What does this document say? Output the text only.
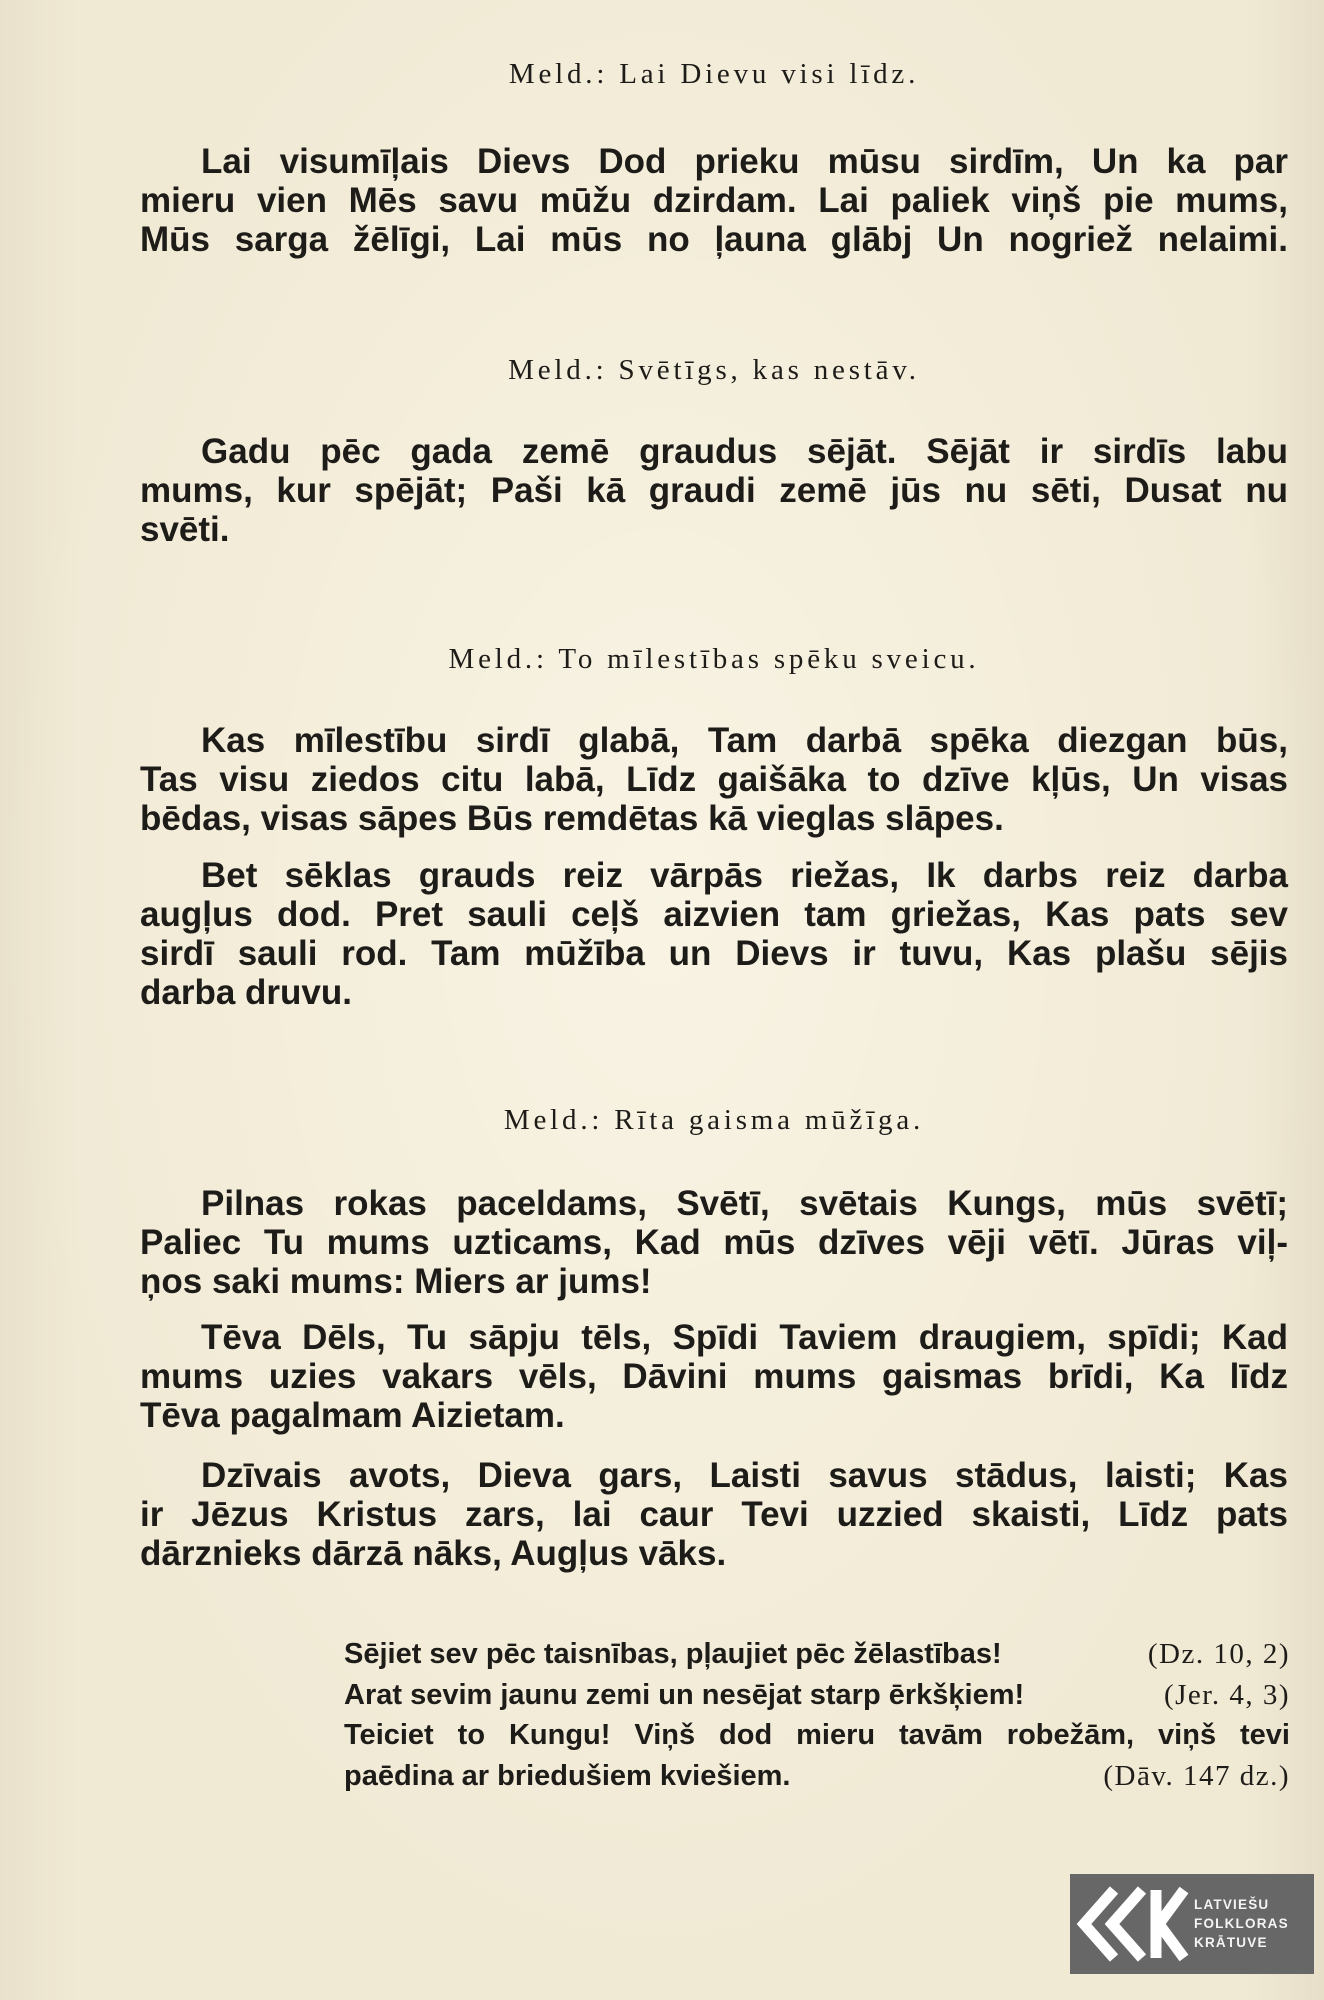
Meld.: Lai Dievu visi līdz.
Lai visumīļais Dievs Dod prieku mūsu sirdīm, Un ka par
mieru vien Mēs savu mūžu dzirdam. Lai paliek viņš pie mums,
Mūs sarga žēlīgi, Lai mūs no ļauna glābj Un nogriež nelaimi.
Meld.: Svētīgs, kas nestāv.
Gadu pēc gada zemē graudus sējāt. Sējāt ir sirdīs labu
mums, kur spējāt; Paši kā graudi zemē jūs nu sēti, Dusat nu
svēti.
Meld.: To mīlestības spēku sveicu.
Kas mīlestību sirdī glabā, Tam darbā spēka diezgan būs,
Tas visu ziedos citu labā, Līdz gaišāka to dzīve kļūs, Un visas
bēdas, visas sāpes Būs remdētas kā vieglas slāpes.
Bet sēklas grauds reiz vārpās riežas, Ik darbs reiz darba
augļus dod. Pret sauli ceļš aizvien tam griežas, Kas pats sev
sirdī sauli rod. Tam mūžība un Dievs ir tuvu, Kas plašu sējis
darba druvu.
Meld.: Rīta gaisma mūžīga.
Pilnas rokas paceldams, Svētī, svētais Kungs, mūs svētī;
Paliec Tu mums uzticams, Kad mūs dzīves vēji vētī. Jūras viļ-
ņos saki mums: Miers ar jums!
Tēva Dēls, Tu sāpju tēls, Spīdi Taviem draugiem, spīdi; Kad
mums uzies vakars vēls, Dāvini mums gaismas brīdi, Ka līdz
Tēva pagalmam Aizietam.
Dzīvais avots, Dieva gars, Laisti savus stādus, laisti; Kas
ir Jēzus Kristus zars, lai caur Tevi uzzied skaisti, Līdz pats
dārznieks dārzā nāks, Augļus vāks.
Sējiet sev pēc taisnības, pļaujiet pēc žēlastības!	(Dz. 10, 2)
Arat sevim jaunu zemi un nesējat starp ērkšķiem!	(Jer. 4, 3)
Teiciet to Kungu! Viņš dod mieru tavām robežām, viņš tevi
paēdina ar briedušiem kviešiem.	(Dāv. 147 dz.)
LATVIEŠU
FOLKLORAS
KRĀTUVE
